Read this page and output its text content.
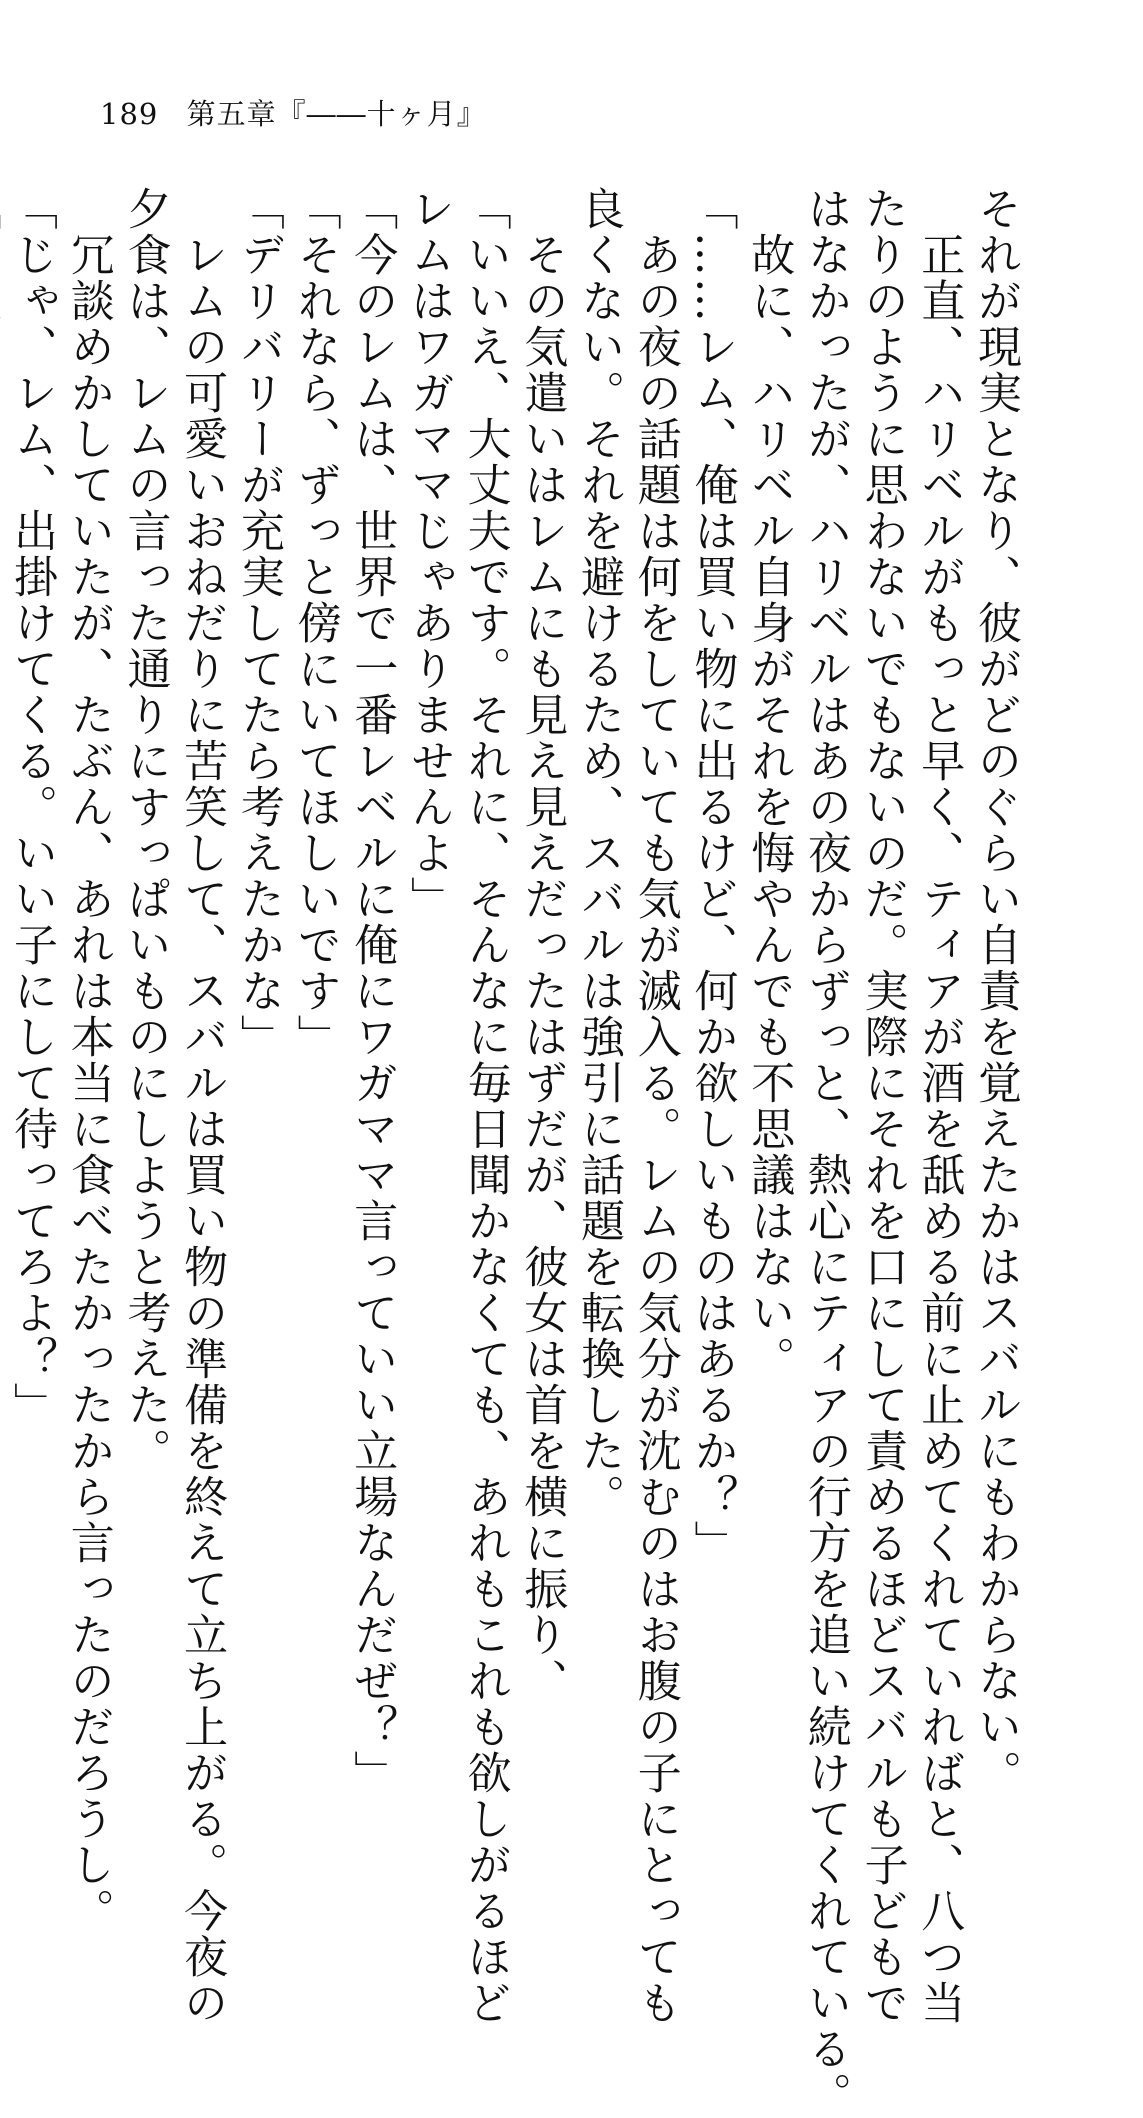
189 第五章『――十ヶ月』
それが現実となり、彼がどのぐらい自責を覚えたかはスバルにもわからない。
　正直、ハリベルがもっと早く、ティアが酒を舐める前に止めてくれていればと、八つ当
たりのように思わないでもないのだ。実際にそれを口にして責めるほどスバルも子どもで
はなかったが、ハリベルはあの夜からずっと、熱心にティアの行方を追い続けてくれている。
　故に、ハリベル自身がそれを悔やんでも不思議はない。
「……レム、俺は買い物に出るけど、何か欲しいものはあるか？」
　あの夜の話題は何をしていても気が滅入る。レムの気分が沈むのはお腹の子にとっても
良くない。それを避けるため、スバルは強引に話題を転換した。
　その気遣いはレムにも見え見えだったはずだが、彼女は首を横に振り、
「いいえ、大丈夫です。それに、そんなに毎日聞かなくても、あれもこれも欲しがるほど
レムはワガママじゃありませんよ」
「今のレムは、世界で一番レベルに俺にワガママ言っていい立場なんだぜ？」
「それなら、ずっと傍にいてほしいです」
「デリバリーが充実してたら考えたかな」
　レムの可愛いおねだりに苦笑して、スバルは買い物の準備を終えて立ち上がる。今夜の
夕食は、レムの言った通りにすっぱいものにしようと考えた。
　冗談めかしていたが、たぶん、あれは本当に食べたかったから言ったのだろうし。
「じゃ、レム、出掛けてくる。いい子にして待ってろよ？」
